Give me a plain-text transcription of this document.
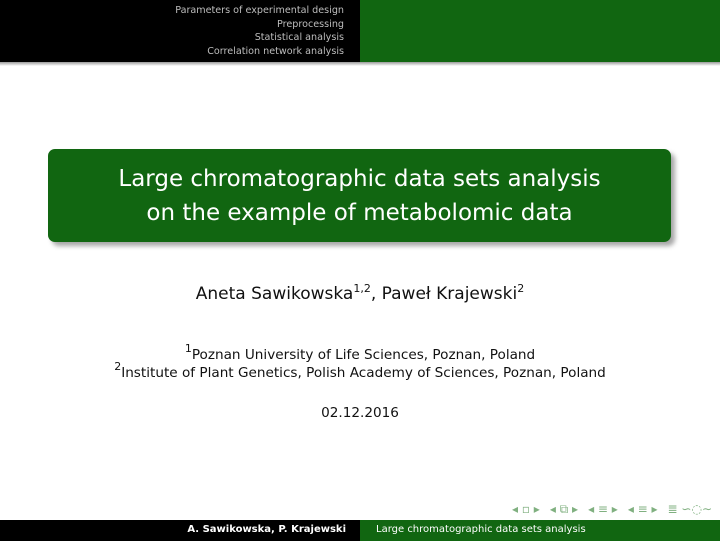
Parameters of experimental design
Preprocessing
Statistical analysis
Correlation network analysis
Large chromatographic data sets analysis
on the example of metabolomic data
Aneta Sawikowska$^{1,2}$, Paweł Krajewski$^2$
$^1$Poznan University of Life Sciences, Poznan, Poland
$^2$Institute of Plant Genetics, Polish Academy of Sciences, Poznan, Poland
02.12.2016
◂ ▫ ▸ ◂ ⧉ ▸ ◂ ≡ ▸ ◂ ≡ ▸ ≣ ∽◌∼
A. Sawikowska, P. Krajewski	Large chromatographic data sets analysis
